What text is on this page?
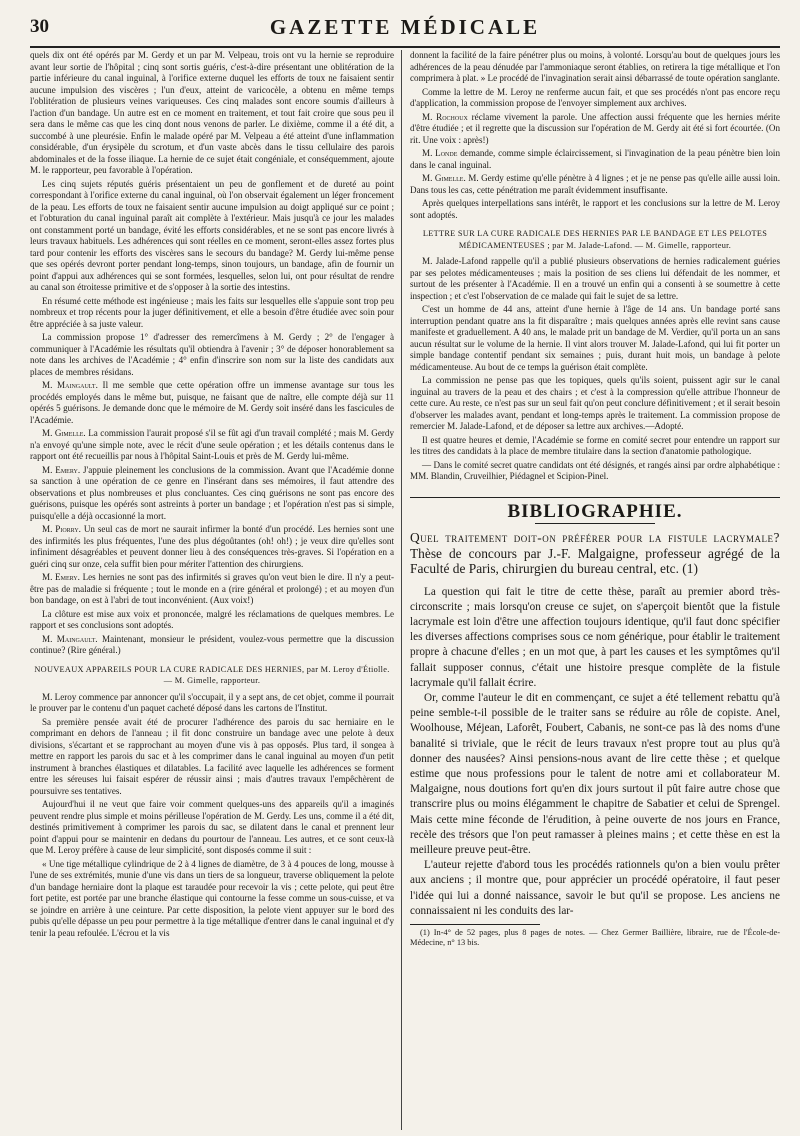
30	GAZETTE MÉDICALE

quels dix ont été opérés par M. Gerdy et un par M. Velpeau, trois ont vu la hernie se reproduire avant leur sortie de l'hôpital ; cinq sont sortis guéris, c'est-à-dire présentant une oblitération de la partie inférieure du canal inguinal, à l'orifice externe duquel les efforts de toux ne faisaient sentir aucune impulsion des viscères ; l'un d'eux, atteint de varicocèle, a obtenu en même temps l'oblitération de plusieurs veines variqueuses. Ces cinq malades sont encore soumis d'ailleurs à l'action d'un bandage. Un autre est en ce moment en traitement, et tout fait croire que sous peu il sera dans le même cas que les cinq dont nous venons de parler. Le dixième, comme il a été dit, a succombé à une pleurésie. Enfin le malade opéré par M. Velpeau a été atteint d'une inflammation considérable, d'un érysipèle du scrotum, et d'un vaste abcès dans le tissu cellulaire des parois abdominales et de la fosse iliaque. La hernie de ce sujet était congéniale, et conséquemment, ajoute M. le rapporteur, peu favorable à l'opération.

Les cinq sujets réputés guéris présentaient un peu de gonflement et de dureté au point correspondant à l'orifice externe du canal inguinal, où l'on observait également un léger froncement de la peau. Les efforts de toux ne faisaient sentir aucune impulsion au doigt appliqué sur ce point ; et l'obturation du canal inguinal paraît ait complète à l'extérieur. Mais jusqu'à ce jour les malades ont constamment porté un bandage, évité les efforts considérables, et ne se sont pas encore livrés à leurs travaux habituels. Les adhérences qui sont réelles en ce moment, seront-elles assez fortes plus tard pour contenir les efforts des viscères sans le secours du bandage? M. Gerdy lui-même pense que ses opérés devront porter pendant long-temps, sinon toujours, un bandage, afin de fournir un point d'appui aux adhérences qui se sont formées, lesquelles, selon lui, ont pour résultat de rendre au canal son étroitesse primitive et de s'opposer à la sortie des intestins.

En résumé cette méthode est ingénieuse ; mais les faits sur lesquelles elle s'appuie sont trop peu nombreux et trop récents pour la juger définitivement, et elle a besoin d'être étudiée avec soin pour être appréciée à sa juste valeur.

La commission propose 1° d'adresser des remercîmens à M. Gerdy ; 2° de l'engager à communiquer à l'Académie les résultats qu'il obtiendra à l'avenir ; 3° de déposer honorablement sa note dans les archives de l'Académie ; 4° enfin d'inscrire son nom sur la liste des candidats aux places de membres résidans.

M. Maingault. Il me semble que cette opération offre un immense avantage sur tous les procédés employés dans le même but, puisque, ne faisant que de naître, elle compte déjà sur 11 opérés 5 guérisons. Je demande donc que le mémoire de M. Gerdy soit inséré dans les fascicules de l'Académie.

M. Gimelle. La commission l'aurait proposé s'il se fût agi d'un travail complété ; mais M. Gerdy n'a envoyé qu'une simple note, avec le récit d'une seule opération ; et les détails contenus dans le rapport ont été recueillis par nous à l'hôpital Saint-Louis et près de M. Gerdy lui-même.

M. Emery. J'appuie pleinement les conclusions de la commission. Avant que l'Académie donne sa sanction à une opération de ce genre en l'insérant dans ses mémoires, il faut attendre des observations et plus nombreuses et plus concluantes. Ces cinq guérisons ne sont pas encore des guérisons, puisque les opérés sont astreints à porter un bandage ; et l'opération n'est pas si simple, puisqu'elle a déjà occasionné la mort.

M. Piorry. Un seul cas de mort ne saurait infirmer la bonté d'un procédé. Les hernies sont une des infirmités les plus fréquentes, l'une des plus dégoûtantes (oh! oh!) ; je veux dire qu'elles sont infiniment désagréables et peuvent donner lieu à des conséquences très-graves. Si l'opération en a guéri cinq sur onze, cela suffit bien pour mériter l'attention des chirurgiens.

M. Emery. Les hernies ne sont pas des infirmités si graves qu'on veut bien le dire. Il n'y a peut-être pas de maladie si fréquente ; tout le monde en a (rire général et prolongé) ; et au moyen d'un bon bandage, on est à l'abri de tout inconvénient. (Aux voix!)

La clôture est mise aux voix et prononcée, malgré les réclamations de quelques membres. Le rapport et ses conclusions sont adoptés.

M. Maingault. Maintenant, monsieur le président, voulez-vous permettre que la discussion continue? (Rire général.)

NOUVEAUX APPAREILS POUR LA CURE RADICALE DES HERNIES, par M. Leroy d'Étiolle. — M. Gimelle, rapporteur.

M. Leroy commence par annoncer qu'il s'occupait, il y a sept ans, de cet objet, comme il pourrait le prouver par le contenu d'un paquet cacheté déposé dans les cartons de l'Institut.

Sa première pensée avait été de procurer l'adhérence des parois du sac herniaire en le comprimant en dehors de l'anneau ; il fit donc construire un bandage avec une pelote à deux divisions, s'écartant et se rapprochant au moyen d'une vis à pas opposés. Plus tard, il songea à mettre en rapport les parois du sac et à les comprimer dans le canal inguinal au moyen d'un petit instrument à branches élastiques et dilatables. La facilité avec laquelle les adhérences se forment entre les séreuses lui faisait espérer de réussir ainsi ; mais d'autres travaux l'empêchèrent de poursuivre ses tentatives.

Aujourd'hui il ne veut que faire voir comment quelques-uns des appareils qu'il a imaginés peuvent rendre plus simple et moins périlleuse l'opération de M. Gerdy. Les uns, comme il a été dit, destinés primitivement à comprimer les parois du sac, se dilatent dans le canal et prennent leur point d'appui pour se maintenir en dedans du pourtour de l'anneau. Les autres, et ce sont ceux-là que M. Leroy préfère à cause de leur simplicité, sont disposés comme il suit :

« Une tige métallique cylindrique de 2 à 4 lignes de diamètre, de 3 à 4 pouces de long, mousse à l'une de ses extrémités, munie d'une vis dans un tiers de sa longueur, traverse obliquement la pelote d'un bandage herniaire dont la plaque est taraudée pour recevoir la vis ; cette pelote, qui peut être fort petite, est portée par une branche élastique qui contourne la fesse comme un sous-cuisse, et va se joindre en arrière à une ceinture. Par cette disposition, la pelote vient appuyer sur le bord des pubis qu'elle dépasse un peu pour permettre à la tige métallique d'entrer dans le canal inguinal et d'y tenir la peau refoulée. L'écrou et la vis

donnent la facilité de la faire pénétrer plus ou moins, à volonté. Lorsqu'au bout de quelques jours les adhérences de la peau dénudée par l'ammoniaque seront établies, on retirera la tige métallique et l'on comprimera à plat. » Le procédé de l'invagination serait ainsi débarrassé de toute opération sanglante.

Comme la lettre de M. Leroy ne renferme aucun fait, et que ses procédés n'ont pas encore reçu d'application, la commission propose de l'envoyer simplement aux archives.

M. Rochoux réclame vivement la parole. Une affection aussi fréquente que les hernies mérite d'être étudiée ; et il regrette que la discussion sur l'opération de M. Gerdy ait été si fort écourtée. (On rit. Une voix : après!)

M. Londe demande, comme simple éclaircissement, si l'invagination de la peau pénètre bien loin dans le canal inguinal.

M. Gimelle. M. Gerdy estime qu'elle pénètre à 4 lignes ; et je ne pense pas qu'elle aille aussi loin. Dans tous les cas, cette pénétration me paraît évidemment insuffisante.

Après quelques interpellations sans intérêt, le rapport et les conclusions sur la lettre de M. Leroy sont adoptés.

LETTRE SUR LA CURE RADICALE DES HERNIES PAR LE BANDAGE ET LES PELOTES MÉDICAMENTEUSES ; par M. Jalade-Lafond. — M. Gimelle, rapporteur.

M. Jalade-Lafond rappelle qu'il a publié plusieurs observations de hernies radicalement guéries par ses pelotes médicamenteuses ; mais la position de ses cliens lui défendait de les nommer, et surtout de les présenter à l'Académie. Il en a trouvé un enfin qui a consenti à se soumettre à cette inspection ; et c'est l'observation de ce malade qui fait le sujet de sa lettre.

C'est un homme de 44 ans, atteint d'une hernie à l'âge de 14 ans. Un bandage porté sans interruption pendant quatre ans la fit disparaître ; mais quelques années après elle revint sans cause manifeste et graduellement. A 40 ans, le malade prit un bandage de M. Verdier, qu'il porta un an sans aucun résultat sur le volume de la hernie. Il vint alors trouver M. Jalade-Lafond, qui lui fit porter un simple bandage contentif pendant six semaines ; puis, durant huit mois, un bandage à pelote médicamenteuse. Au bout de ce temps la guérison était complète.

La commission ne pense pas que les topiques, quels qu'ils soient, puissent agir sur le canal inguinal au travers de la peau et des chairs ; et c'est à la compression qu'elle attribue l'honneur de cette cure. Au reste, ce n'est pas sur un seul fait qu'on peut conclure définitivement ; et il serait besoin d'observer les malades avant, pendant et long-temps après le traitement. La commission propose de remercier M. Jalade-Lafond, et de déposer sa lettre aux archives.—Adopté.

Il est quatre heures et demie, l'Académie se forme en comité secret pour entendre un rapport sur les titres des candidats à la place de membre titulaire dans la section d'anatomie pathologique.

— Dans le comité secret quatre candidats ont été désignés, et rangés ainsi par ordre alphabétique : MM. Blandin, Cruveilhier, Piédagnel et Scipion-Pinel.

BIBLIOGRAPHIE.

Quel traitement doit-on préférer pour la fistule lacrymale? Thèse de concours par J.-F. Malgaigne, professeur agrégé de la Faculté de Paris, chirurgien du bureau central, etc. (1)

La question qui fait le titre de cette thèse, paraît au premier abord très-circonscrite ; mais lorsqu'on creuse ce sujet, on s'aperçoit bientôt que la fistule lacrymale est loin d'être une affection toujours identique, qu'il faut donc spécifier les diverses affections comprises sous ce nom générique, pour établir le traitement propre à chacune d'elles ; en un mot que, à part les causes et les symptômes qu'il fallait supposer connus, c'était une histoire presque complète de la fistule lacrymale qu'il fallait écrire.

Or, comme l'auteur le dit en commençant, ce sujet a été tellement rebattu qu'à peine semble-t-il possible de le traiter sans se réduire au rôle de copiste. Anel, Woolhouse, Méjean, Laforêt, Foubert, Cabanis, ne sont-ce pas là des noms d'une banalité si triviale, que le récit de leurs travaux n'est propre tout au plus qu'à donner des nausées? Ainsi pensions-nous avant de lire cette thèse ; et quelque estime que nous professions pour le talent de notre ami et collaborateur M. Malgaigne, nous doutions fort qu'en dix jours surtout il pût faire autre chose que transcrire plus ou moins élégamment le chapitre de Sabatier et celui de Sprengel. Mais cette mine féconde de l'érudition, à peine ouverte de nos jours en France, recèle des trésors que l'on peut ramasser à pleines mains ; et cette thèse en est la meilleure preuve peut-être.

L'auteur rejette d'abord tous les procédés rationnels qu'on a bien voulu prêter aux anciens ; il montre que, pour apprécier un procédé opératoire, il faut peser l'idée qui lui a donné naissance, savoir le but qu'il se propose. Les anciens ne connaissaient ni les conduits des lar-

(1) In-4° de 52 pages, plus 8 pages de notes. — Chez Germer Baillière, libraire, rue de l'École-de-Médecine, n° 13 bis.
